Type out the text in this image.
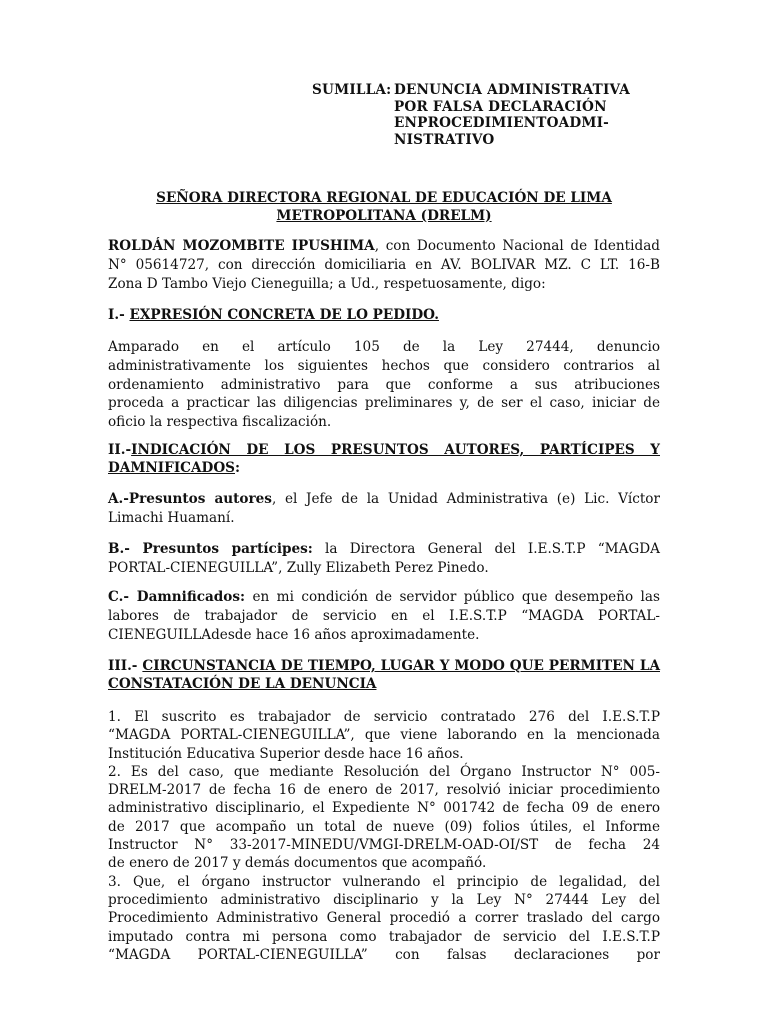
SUMILLA: DENUNCIA ADMINISTRATIVA
POR FALSA DECLARACIÓN
ENPROCEDIMIENTOADMI-
NISTRATIVO
SEÑORA DIRECTORA REGIONAL DE EDUCACIÓN DE LIMA
METROPOLITANA (DRELM)
ROLDÁN MOZOMBITE IPUSHIMA, con Documento Nacional de Identidad
N° 05614727, con dirección domiciliaria en AV. BOLIVAR MZ. C LT. 16-B
Zona D Tambo Viejo Cieneguilla; a Ud., respetuosamente, digo:
I.- EXPRESIÓN CONCRETA DE LO PEDIDO.
Amparado en el artículo 105 de la Ley 27444, denuncio
administrativamente los siguientes hechos que considero contrarios al
ordenamiento administrativo para que conforme a sus atribuciones
proceda a practicar las diligencias preliminares y, de ser el caso, iniciar de
oficio la respectiva fiscalización.
II.-INDICACIÓN DE LOS PRESUNTOS AUTORES, PARTÍCIPES Y
DAMNIFICADOS:
A.-Presuntos autores, el Jefe de la Unidad Administrativa (e) Lic. Víctor
Limachi Huamaní.
B.- Presuntos partícipes: la Directora General del I.E.S.T.P “MAGDA
PORTAL-CIENEGUILLA”, Zully Elizabeth Perez Pinedo.
C.- Damnificados: en mi condición de servidor público que desempeño las
labores de trabajador de servicio en el I.E.S.T.P “MAGDA PORTAL-
CIENEGUILLAdesde hace 16 años aproximadamente.
III.- CIRCUNSTANCIA DE TIEMPO, LUGAR Y MODO QUE PERMITEN LA
CONSTATACIÓN DE LA DENUNCIA
1. El suscrito es trabajador de servicio contratado 276 del I.E.S.T.P
“MAGDA PORTAL-CIENEGUILLA”, que viene laborando en la mencionada
Institución Educativa Superior desde hace 16 años.
2. Es del caso, que mediante Resolución del Órgano Instructor N° 005-
DRELM-2017 de fecha 16 de enero de 2017, resolvió iniciar procedimiento
administrativo disciplinario, el Expediente N° 001742 de fecha 09 de enero
de 2017 que acompaño un total de nueve (09) folios útiles, el Informe
Instructor N° 33-2017-MINEDU/VMGI-DRELM-OAD-OI/ST de fecha 24
de enero de 2017 y demás documentos que acompañó.
3. Que, el órgano instructor vulnerando el principio de legalidad, del
procedimiento administrativo disciplinario y la Ley N° 27444 Ley del
Procedimiento Administrativo General procedió a correr traslado del cargo
imputado contra mi persona como trabajador de servicio del I.E.S.T.P
“MAGDA PORTAL-CIENEGUILLA” con falsas declaraciones por
